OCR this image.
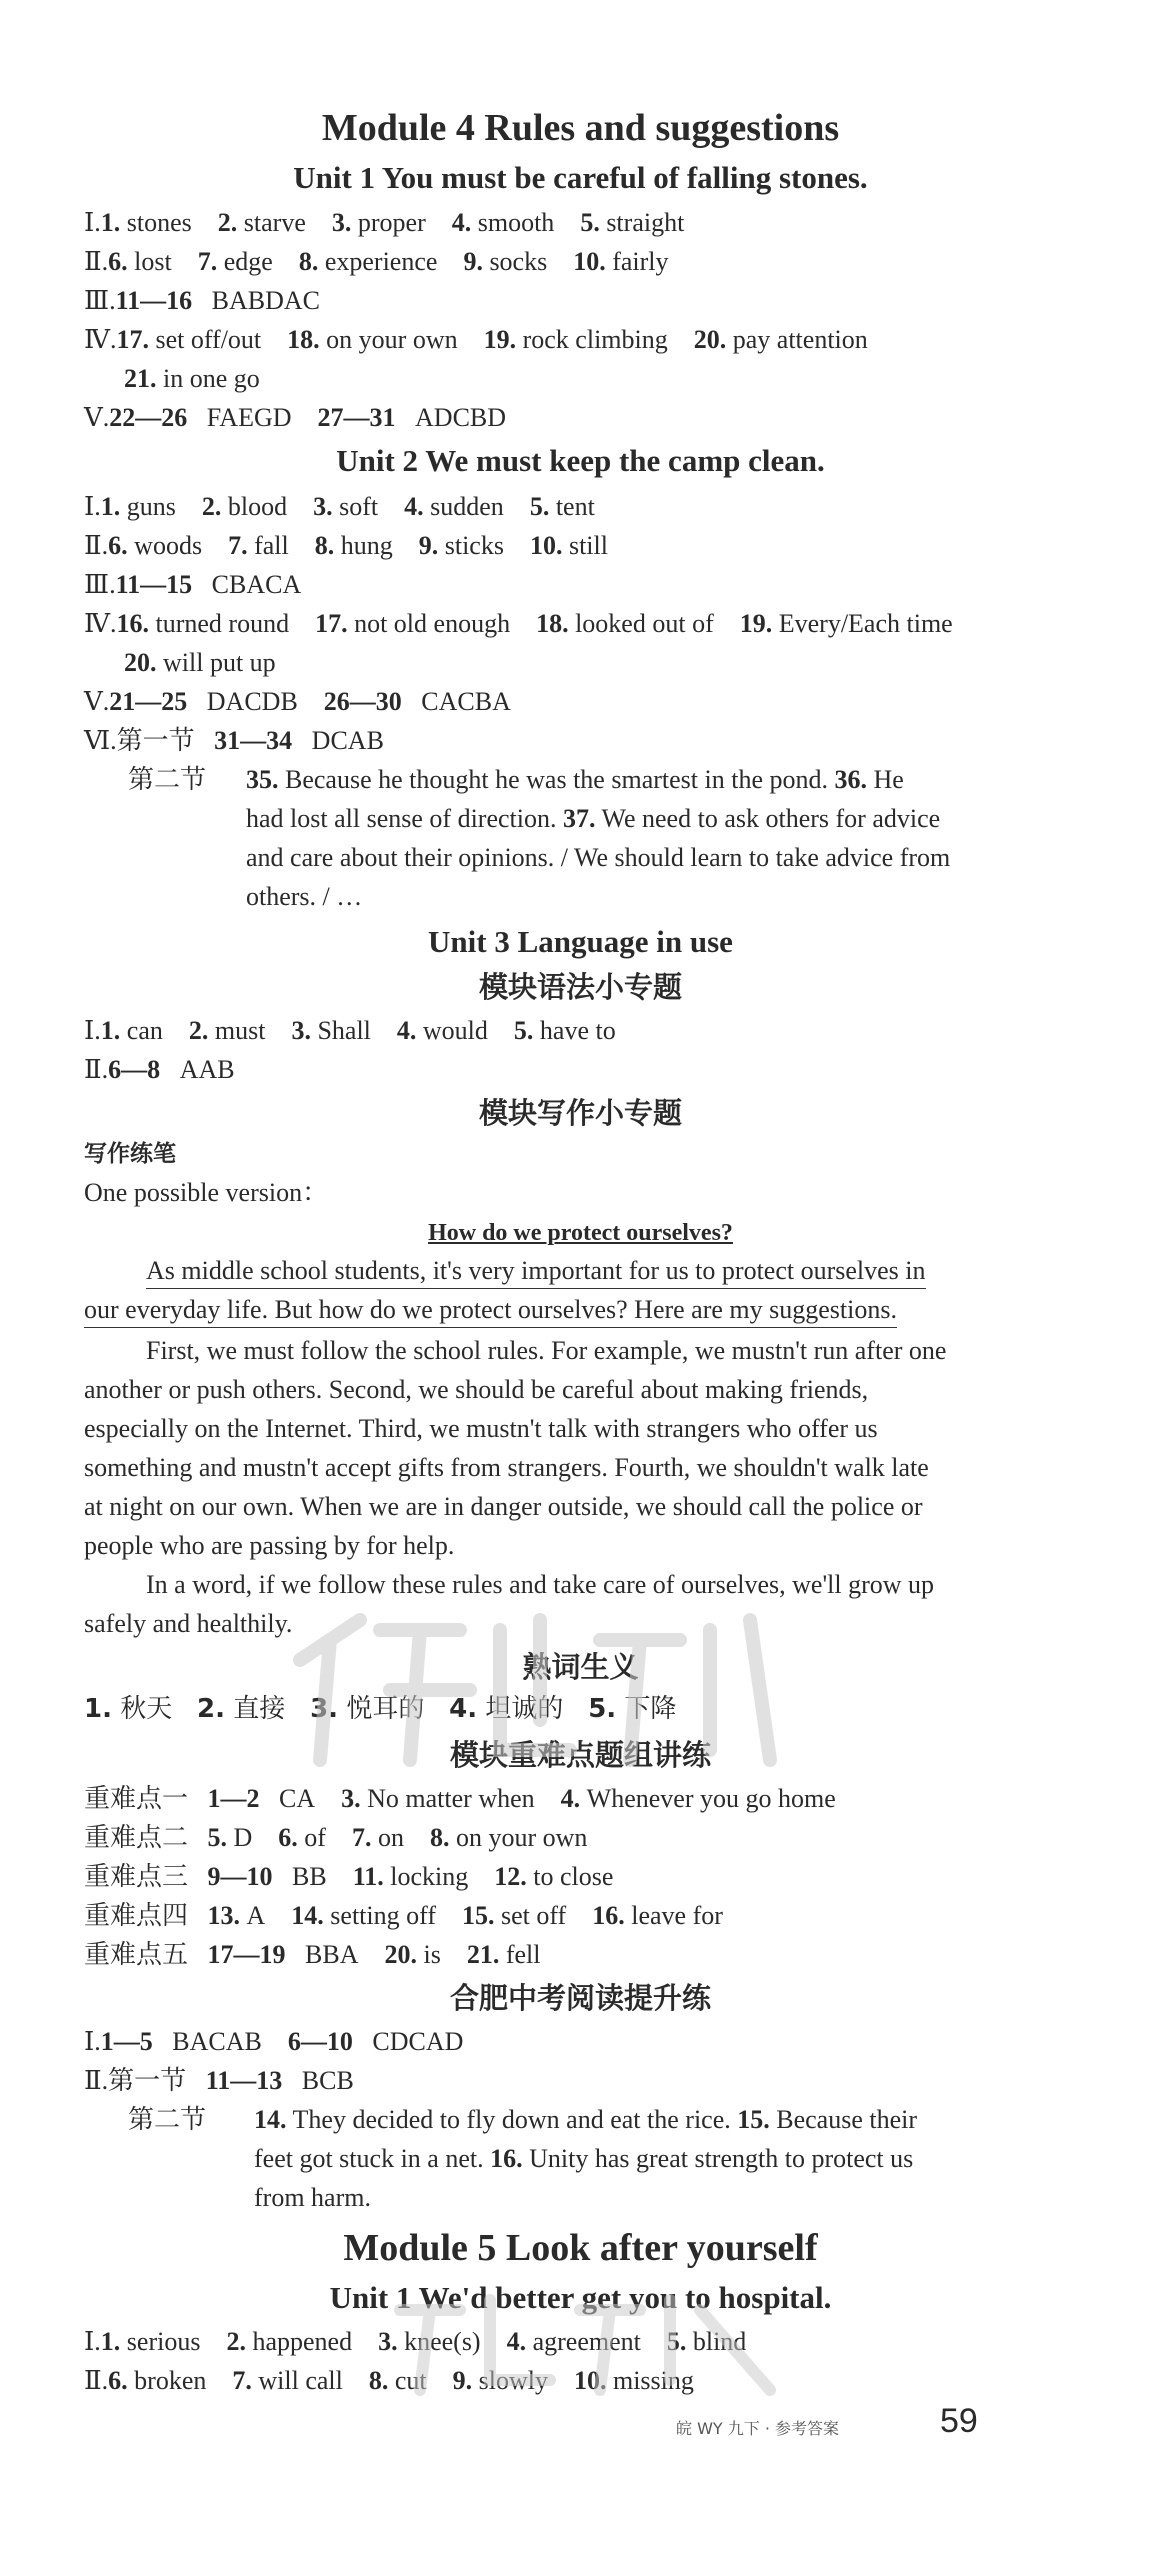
Module 4 Rules and suggestions
Unit 1 You must be careful of falling stones.
Ⅰ.1. stones 2. starve 3. proper 4. smooth 5. straight
Ⅱ.6. lost 7. edge 8. experience 9. socks 10. fairly
Ⅲ.11—16 BABDAC
Ⅳ.17. set off/out 18. on your own 19. rock climbing 20. pay attention
21. in one go
Ⅴ.22—26 FAEGD 27—31 ADCBD
Unit 2 We must keep the camp clean.
Ⅰ.1. guns 2. blood 3. soft 4. sudden 5. tent
Ⅱ.6. woods 7. fall 8. hung 9. sticks 10. still
Ⅲ.11—15 CBACA
Ⅳ.16. turned round 17. not old enough 18. looked out of 19. Every/Each time
20. will put up
Ⅴ.21—25 DACDB 26—30 CACBA
Ⅵ.第一节 31—34 DCAB
第二节 35. Because he thought he was the smartest in the pond. 36. He
had lost all sense of direction. 37. We need to ask others for advice
and care about their opinions. / We should learn to take advice from
others. / …
Unit 3 Language in use
模块语法小专题
Ⅰ.1. can 2. must 3. Shall 4. would 5. have to
Ⅱ.6—8 AAB
模块写作小专题
写作练笔
One possible version：
How do we protect ourselves?
As middle school students, it's very important for us to protect ourselves in
our everyday life. But how do we protect ourselves? Here are my suggestions.
First, we must follow the school rules. For example, we mustn't run after one
another or push others. Second, we should be careful about making friends,
especially on the Internet. Third, we mustn't talk with strangers who offer us
something and mustn't accept gifts from strangers. Fourth, we shouldn't walk late
at night on our own. When we are in danger outside, we should call the police or
people who are passing by for help.
In a word, if we follow these rules and take care of ourselves, we'll grow up
safely and healthily.
熟词生义
1. 秋天 2. 直接 3. 悦耳的 4. 坦诚的 5. 下降
模块重难点题组讲练
重难点一 1—2 CA 3. No matter when 4. Whenever you go home
重难点二 5. D 6. of 7. on 8. on your own
重难点三 9—10 BB 11. locking 12. to close
重难点四 13. A 14. setting off 15. set off 16. leave for
重难点五 17—19 BBA 20. is 21. fell
合肥中考阅读提升练
Ⅰ.1—5 BACAB 6—10 CDCAD
Ⅱ.第一节 11—13 BCB
第二节 14. They decided to fly down and eat the rice. 15. Because their
feet got stuck in a net. 16. Unity has great strength to protect us
from harm.
Module 5 Look after yourself
Unit 1 We'd better get you to hospital.
Ⅰ.1. serious 2. happened 3. knee(s) 4. agreement 5. blind
Ⅱ.6. broken 7. will call 8. cut 9. slowly 10. missing
皖 WY 九下 · 参考答案	59
